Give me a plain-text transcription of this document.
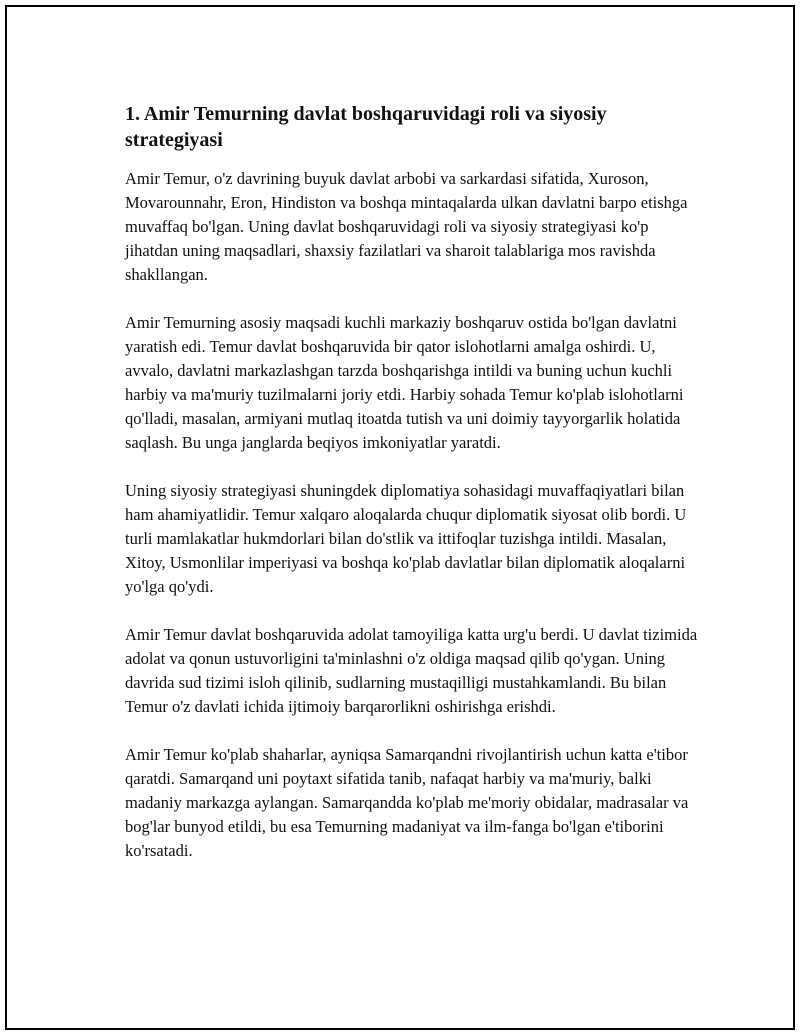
1. Amir Temurning davlat boshqaruvidagi roli va siyosiy strategiyasi

Amir Temur, o'z davrining buyuk davlat arbobi va sarkardasi sifatida, Xuroson, Movarounnahr, Eron, Hindiston va boshqa mintaqalarda ulkan davlatni barpo etishga muvaffaq bo'lgan. Uning davlat boshqaruvidagi roli va siyosiy strategiyasi ko'p jihatdan uning maqsadlari, shaxsiy fazilatlari va sharoit talablariga mos ravishda shakllangan.

Amir Temurning asosiy maqsadi kuchli markaziy boshqaruv ostida bo'lgan davlatni yaratish edi. Temur davlat boshqaruvida bir qator islohotlarni amalga oshirdi. U, avvalo, davlatni markazlashgan tarzda boshqarishga intildi va buning uchun kuchli harbiy va ma'muriy tuzilmalarni joriy etdi. Harbiy sohada Temur ko'plab islohotlarni qo'lladi, masalan, armiyani mutlaq itoatda tutish va uni doimiy tayyorgarlik holatida saqlash. Bu unga janglarda beqiyos imkoniyatlar yaratdi.

Uning siyosiy strategiyasi shuningdek diplomatiya sohasidagi muvaffaqiyatlari bilan ham ahamiyatlidir. Temur xalqaro aloqalarda chuqur diplomatik siyosat olib bordi. U turli mamlakatlar hukmdorlari bilan do'stlik va ittifoqlar tuzishga intildi. Masalan, Xitoy, Usmonlilar imperiyasi va boshqa ko'plab davlatlar bilan diplomatik aloqalarni yo'lga qo'ydi.

Amir Temur davlat boshqaruvida adolat tamoyiliga katta urg'u berdi. U davlat tizimida adolat va qonun ustuvorligini ta'minlashni o'z oldiga maqsad qilib qo'ygan. Uning davrida sud tizimi isloh qilinib, sudlarning mustaqilligi mustahkamlandi. Bu bilan Temur o'z davlati ichida ijtimoiy barqarorlikni oshirishga erishdi.

Amir Temur ko'plab shaharlar, ayniqsa Samarqandni rivojlantirish uchun katta e'tibor qaratdi. Samarqand uni poytaxt sifatida tanib, nafaqat harbiy va ma'muriy, balki madaniy markazga aylangan. Samarqandda ko'plab me'moriy obidalar, madrasalar va bog'lar bunyod etildi, bu esa Temurning madaniyat va ilm-fanga bo'lgan e'tiborini ko'rsatadi.
